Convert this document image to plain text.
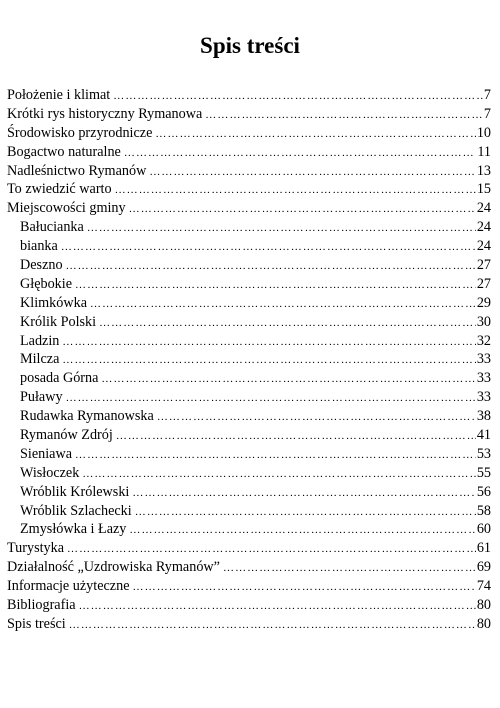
Spis treści
Położenie i klimat …………………………………………………………………………………………………………………………………………………………	7
Krótki rys historyczny Rymanowa …………………………………………………………………………………………………………………………………………………………	7
Środowisko przyrodnicze …………………………………………………………………………………………………………………………………………………………	10
Bogactwo naturalne …………………………………………………………………………………………………………………………………………………………	11
Nadleśnictwo Rymanów …………………………………………………………………………………………………………………………………………………………	13
To zwiedzić warto …………………………………………………………………………………………………………………………………………………………	15
Miejscowości gminy …………………………………………………………………………………………………………………………………………………………	24
Bałucianka …………………………………………………………………………………………………………………………………………………………	24
bianka …………………………………………………………………………………………………………………………………………………………	24
Deszno …………………………………………………………………………………………………………………………………………………………	27
Głębokie …………………………………………………………………………………………………………………………………………………………	27
Klimkówka …………………………………………………………………………………………………………………………………………………………	29
Królik Polski …………………………………………………………………………………………………………………………………………………………	30
Ladzin …………………………………………………………………………………………………………………………………………………………	32
Milcza …………………………………………………………………………………………………………………………………………………………	33
posada Górna …………………………………………………………………………………………………………………………………………………………	33
Puławy …………………………………………………………………………………………………………………………………………………………	33
Rudawka Rymanowska …………………………………………………………………………………………………………………………………………………………	38
Rymanów Zdrój …………………………………………………………………………………………………………………………………………………………	41
Sieniawa …………………………………………………………………………………………………………………………………………………………	53
Wisłoczek …………………………………………………………………………………………………………………………………………………………	55
Wróblik Królewski …………………………………………………………………………………………………………………………………………………………	56
Wróblik Szlachecki …………………………………………………………………………………………………………………………………………………………	58
Zmysłówka i Łazy …………………………………………………………………………………………………………………………………………………………	60
Turystyka …………………………………………………………………………………………………………………………………………………………	61
Działalność „Uzdrowiska Rymanów” …………………………………………………………………………………………………………………………………………………………	69
Informacje użyteczne …………………………………………………………………………………………………………………………………………………………	74
Bibliografia …………………………………………………………………………………………………………………………………………………………	80
Spis treści …………………………………………………………………………………………………………………………………………………………	80
